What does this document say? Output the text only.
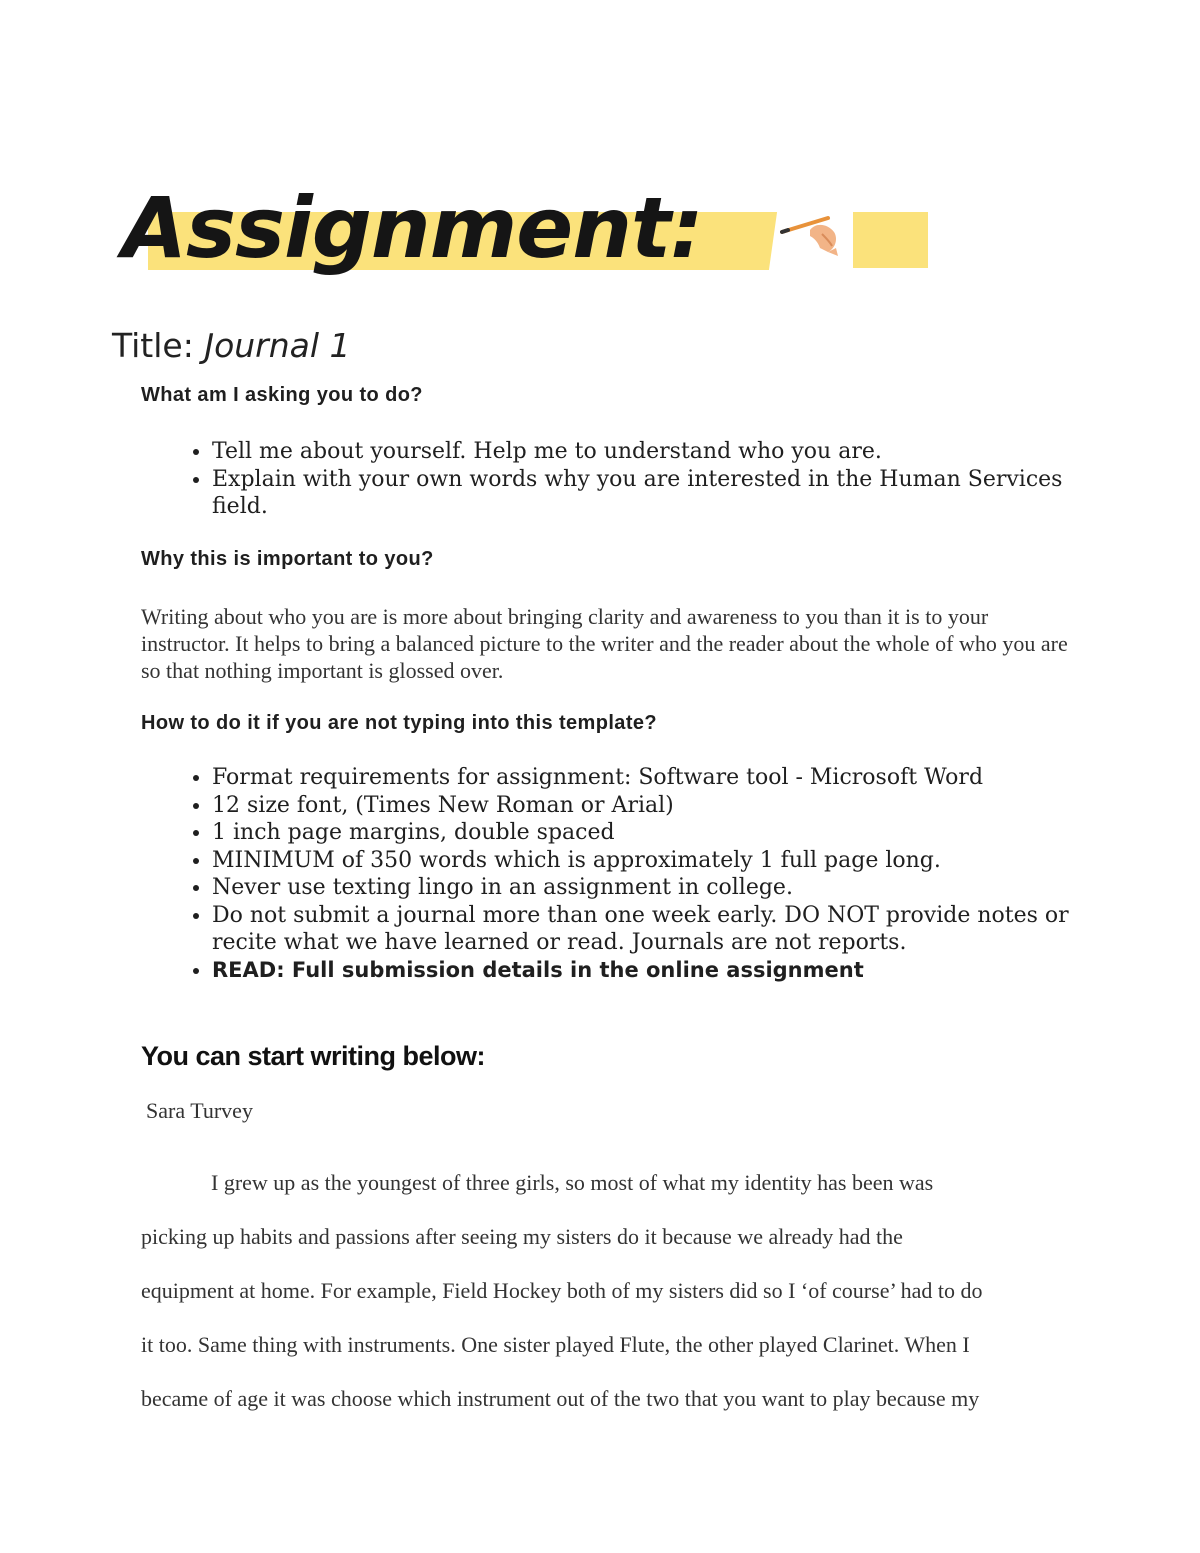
Assignment:
Title: Journal 1
What am I asking you to do?
• Tell me about yourself. Help me to understand who you are.
• Explain with your own words why you are interested in the Human Services field.
Why this is important to you?
Writing about who you are is more about bringing clarity and awareness to you than it is to your instructor. It helps to bring a balanced picture to the writer and the reader about the whole of who you are so that nothing important is glossed over.
How to do it if you are not typing into this template?
• Format requirements for assignment: Software tool - Microsoft Word
• 12 size font, (Times New Roman or Arial)
• 1 inch page margins, double spaced
• MINIMUM of 350 words which is approximately 1 full page long.
• Never use texting lingo in an assignment in college.
• Do not submit a journal more than one week early. DO NOT provide notes or recite what we have learned or read. Journals are not reports.
• READ: Full submission details in the online assignment
You can start writing below:
Sara Turvey
I grew up as the youngest of three girls, so most of what my identity has been was
picking up habits and passions after seeing my sisters do it because we already had the
equipment at home. For example, Field Hockey both of my sisters did so I ‘of course’ had to do
it too. Same thing with instruments. One sister played Flute, the other played Clarinet. When I
became of age it was choose which instrument out of the two that you want to play because my
